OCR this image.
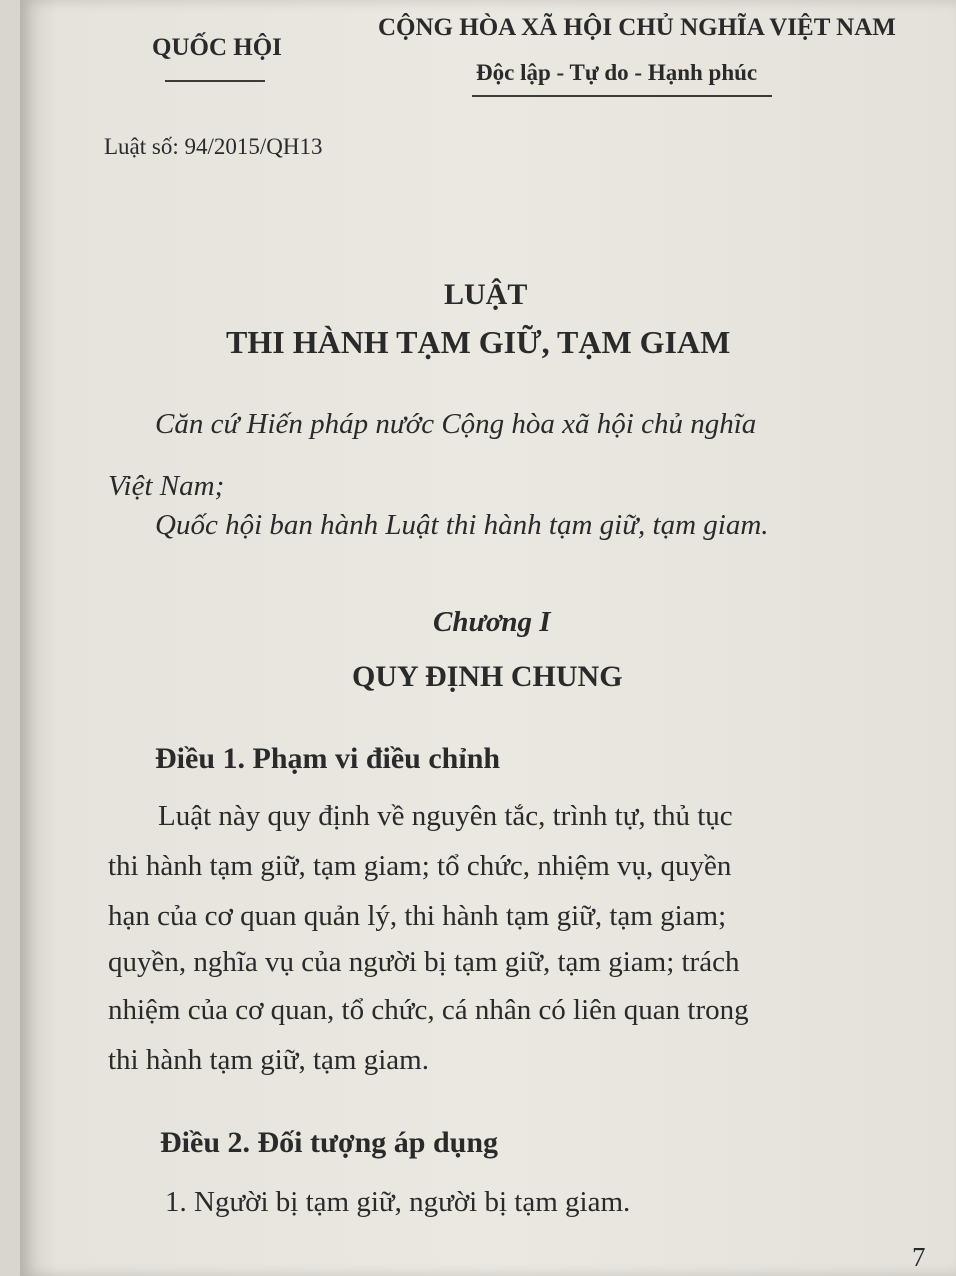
QUỐC HỘI
CỘNG HÒA XÃ HỘI CHỦ NGHĨA VIỆT NAM
Độc lập - Tự do - Hạnh phúc
Luật số: 94/2015/QH13
LUẬT
THI HÀNH TẠM GIỮ, TẠM GIAM
Căn cứ Hiến pháp nước Cộng hòa xã hội chủ nghĩa
Việt Nam;
Quốc hội ban hành Luật thi hành tạm giữ, tạm giam.
Chương I
QUY ĐỊNH CHUNG
Điều 1. Phạm vi điều chỉnh
Luật này quy định về nguyên tắc, trình tự, thủ tục
thi hành tạm giữ, tạm giam; tổ chức, nhiệm vụ, quyền
hạn của cơ quan quản lý, thi hành tạm giữ, tạm giam;
quyền, nghĩa vụ của người bị tạm giữ, tạm giam; trách
nhiệm của cơ quan, tổ chức, cá nhân có liên quan trong
thi hành tạm giữ, tạm giam.
Điều 2. Đối tượng áp dụng
1. Người bị tạm giữ, người bị tạm giam.
7
